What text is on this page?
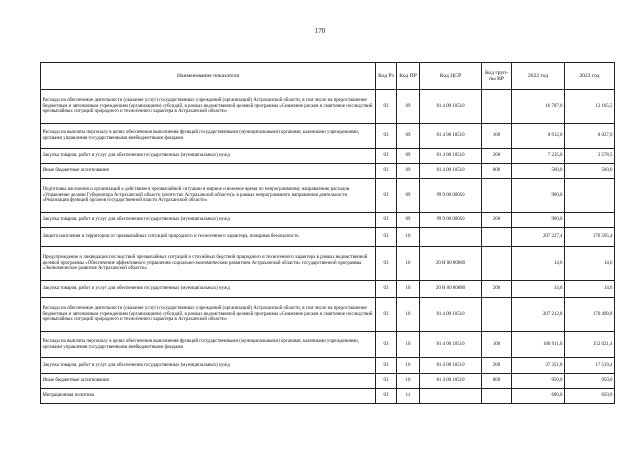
170
Наименование показателя	Код Рз	Код ПР	Код ЦСР	Код груп-пы ВР	2022 год	2023 год
Расходы на обеспечение деятельности (оказание услуг) государственных учреждений (организаций) Астраханской области, в том числе на предоставление бюджетным и автономным учреждениям (организациям) субсидий, в рамках ведомственной целевой программы «Снижение рисков и смягчение последствий чрезвычайных ситуаций природного и техногенного характера в Астраханской области»	03	09	81 4 00 10510		16 707,0	12 165,5
Расходы на выплаты персоналу в целях обеспечения выполнения функций государственными (муниципальными) органами, казенными учреждениями, органами управления государственными внебюджетными фондами	03	09	81 4 00 10510	100	8 912,0	8 027,0
Закупка товаров, работ и услуг для обеспечения государственных (муниципальных) нужд	03	09	81 4 00 10510	200	7 235,0	3 578,5
Иные бюджетные ассигнования	03	09	81 4 00 10510	800	560,0	560,0
Подготовка населения и организаций к действиям в чрезвычайной ситуации в мирное и военное время по непрограммному направлению расходов «Управление делами Губернатора Астраханской области (агентство Астраханской области)» в рамках непрограммного направления деятельности «Реализация функций органов государственной власти Астраханской области»	03	09	99 9 00 00050		900,0	
Закупка товаров, работ и услуг для обеспечения государственных (муниципальных) нужд	03	09	99 9 00 00050	200	900,0	
Защита населения и территории от чрезвычайных ситуаций природного и техногенного характера, пожарная безопасность	03	10			207 227,4	170 505,4
Предупреждение и ликвидация последствий чрезвычайных ситуаций и стихийных бедствий природного и техногенного характера в рамках ведомственной целевой программы «Обеспечение эффективного управления социально-экономическим развитием Астраханской области» государственной программы «Экономическое развитие Астраханской области»	03	10	20 Н 00 80680		14,6	14,6
Закупка товаров, работ и услуг для обеспечения государственных (муниципальных) нужд	03	10	20 Н 00 80680	200	14,6	14,6
Расходы на обеспечение деятельности (оказание услуг) государственных учреждений (организаций) Астраханской области, в том числе на предоставление бюджетным и автономным учреждениям (организациям) субсидий, в рамках ведомственной целевой программы «Снижение рисков и смягчение последствий чрезвычайных ситуаций природного и техногенного характера в Астраханской области»	03	10	81 4 00 10510		207 212,8	170 490,8
Расходы на выплаты персоналу в целях обеспечения выполнения функций государственными (муниципальными) органами, казенными учреждениями, органами управления государственными внебюджетными фондами	03	10	81 4 00 10510	100	168 911,0	152 021,4
Закупка товаров, работ и услуг для обеспечения государственных (муниципальных) нужд	03	10	81 4 00 10510	200	37 351,8	17 519,4
Иные бюджетные ассигнования	03	10	81 4 00 10510	800	950,0	950,0
Миграционная политика	03	11			600,0	650,0
